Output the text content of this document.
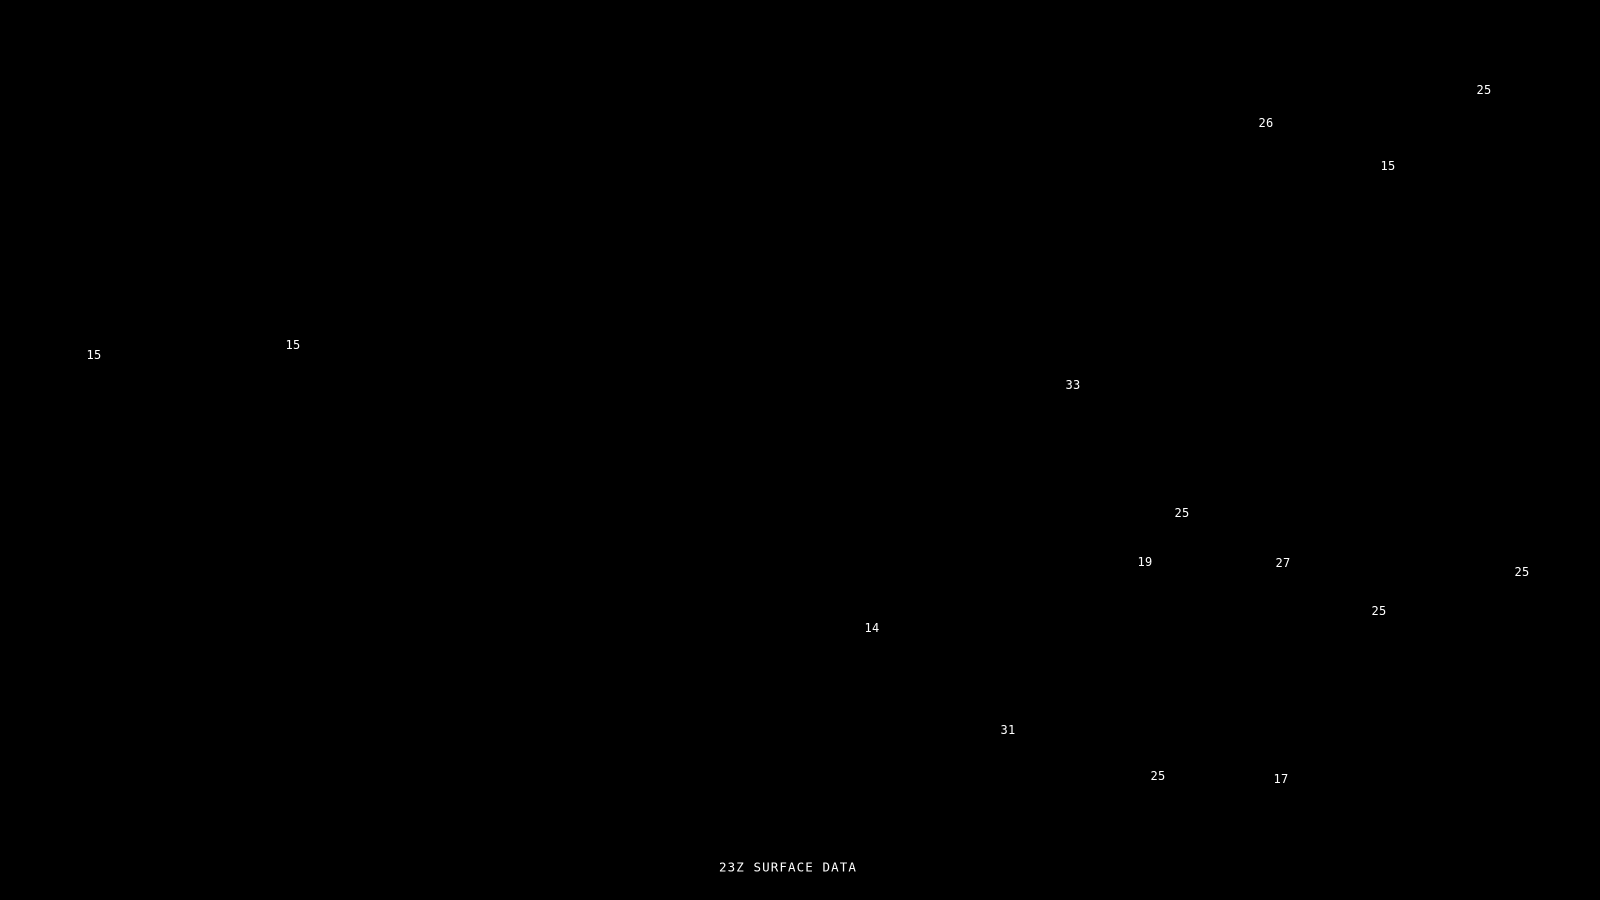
25
26
15
15
15
33
25
19	27
25
25
14
31
25	17
23Z SURFACE DATA
